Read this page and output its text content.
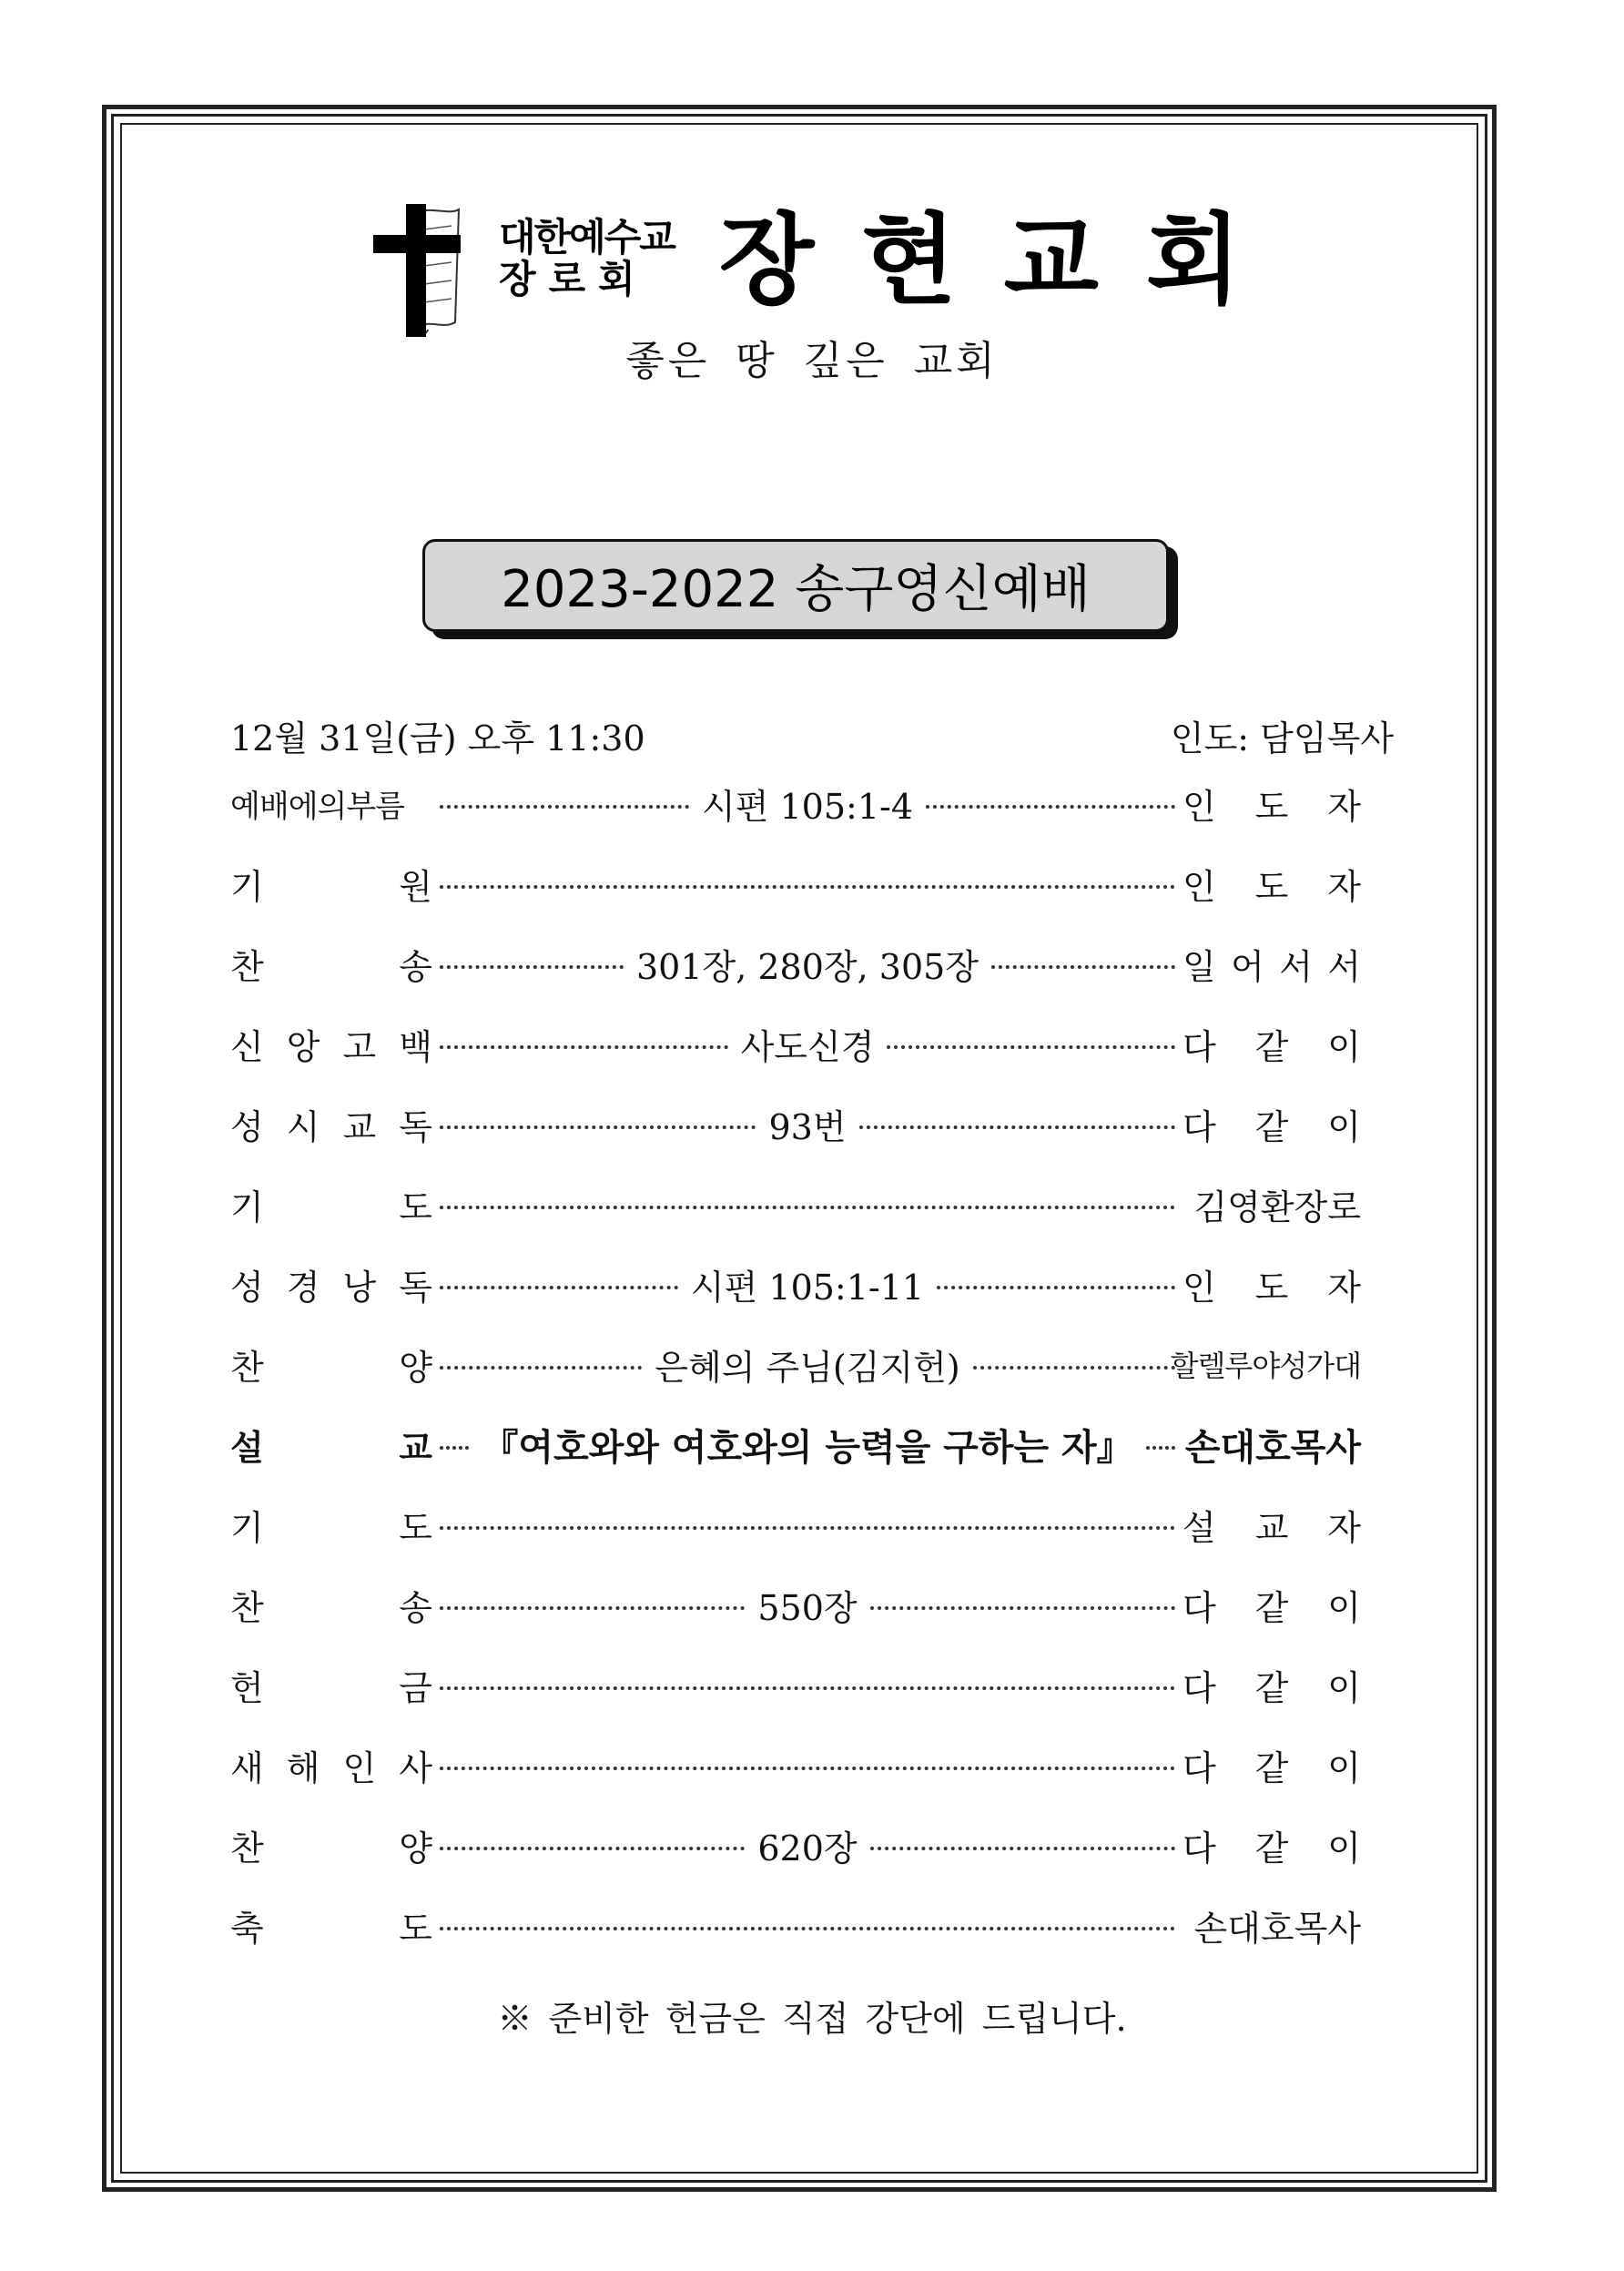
대한예수교
장로회 장현교회
좋은 땅 깊은 교회
2023-2022 송구영신예배
12월 31일(금) 오후 11:30	인도: 담임목사
예배에의부름	시편 105:1-4	인 도 자
기	원	인 도 자
찬	송	301장, 280장, 305장	일 어 서 서
신 앙 고 백	사도신경	다 같 이
성 시 교 독	93번	다 같 이
기	도	김영환장로
성 경 낭 독	시편 105:1-11	인 도 자
찬	양	은혜의 주님(김지헌)	할렐루야성가대
설	교	『여호와와 여호와의 능력을 구하는 자』	손대호목사
기	도	설 교 자
찬	송	550장	다 같 이
헌	금	다 같 이
새 해 인 사	다 같 이
찬	양	620장	다 같 이
축	도	손대호목사
※ 준비한 헌금은 직접 강단에 드립니다.
